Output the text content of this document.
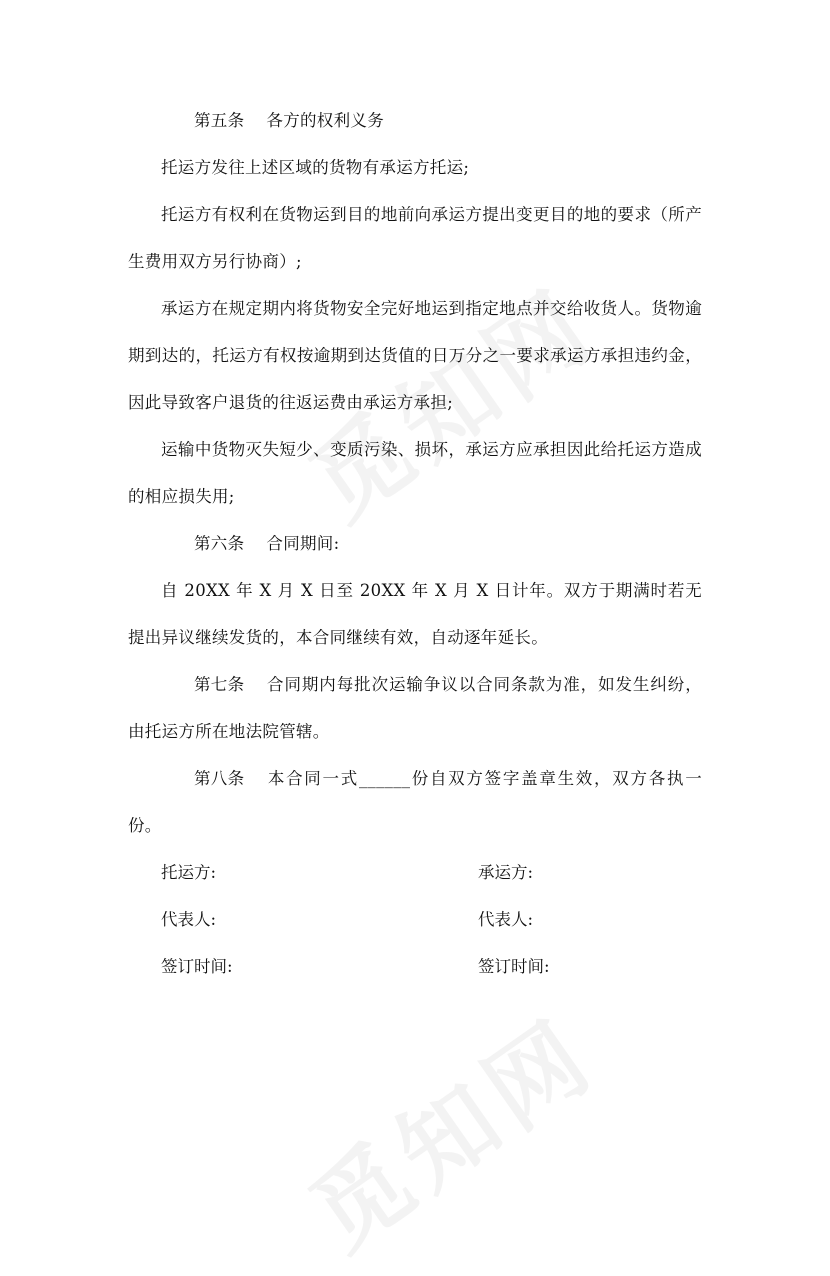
第五条 各方的权利义务

托运方发往上述区域的货物有承运方托运;

托运方有权利在货物运到目的地前向承运方提出变更目的地的要求（所产生费用双方另行协商）;

承运方在规定期内将货物安全完好地运到指定地点并交给收货人。货物逾期到达的，托运方有权按逾期到达货值的日万分之一要求承运方承担违约金，因此导致客户退货的往返运费由承运方承担;

运输中货物灭失短少、变质污染、损坏，承运方应承担因此给托运方造成的相应损失用;

第六条 合同期间:

自 20XX 年 X 月 X 日至 20XX 年 X 月 X 日计年。双方于期满时若无提出异议继续发货的，本合同继续有效，自动逐年延长。

第七条 合同期内每批次运输争议以合同条款为准，如发生纠纷，由托运方所在地法院管辖。

第八条 本合同一式______份自双方签字盖章生效，双方各执一份。

托运方:	承运方:
代表人:	代表人:
签订时间:	签订时间:
